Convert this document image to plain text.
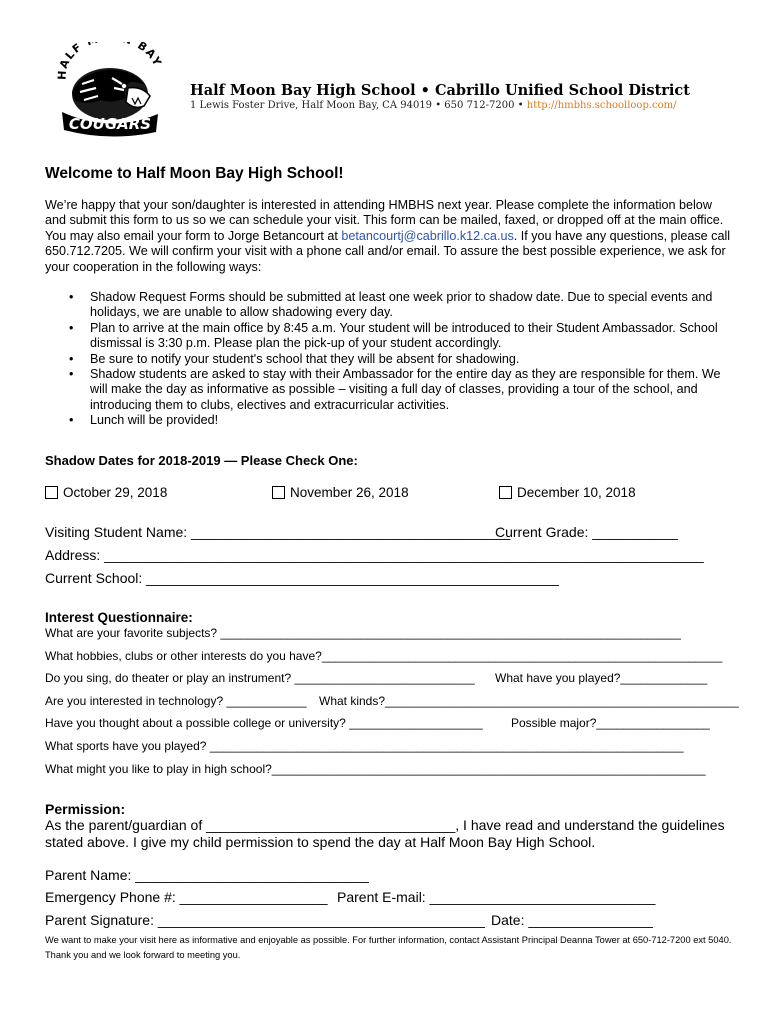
HALF BAY
COUGARS
Half Moon Bay High School • Cabrillo Unified School District
1 Lewis Foster Drive, Half Moon Bay, CA 94019 • 650 712-7200 • http://hmbhs.schoolloop.com/
Welcome to Half Moon Bay High School!
We’re happy that your son/daughter is interested in attending HMBHS next year. Please complete the information below and submit this form to us so we can schedule your visit. This form can be mailed, faxed, or dropped off at the main office. You may also email your form to Jorge Betancourt at betancourtj@cabrillo.k12.ca.us. If you have any questions, please call 650.712.7205. We will confirm your visit with a phone call and/or email. To assure the best possible experience, we ask for your cooperation in the following ways:
• Shadow Request Forms should be submitted at least one week prior to shadow date. Due to special events and holidays, we are unable to allow shadowing every day.
• Plan to arrive at the main office by 8:45 a.m. Your student will be introduced to their Student Ambassador. School dismissal is 3:30 p.m. Please plan the pick-up of your student accordingly.
• Be sure to notify your student's school that they will be absent for shadowing.
• Shadow students are asked to stay with their Ambassador for the entire day as they are responsible for them. We will make the day as informative as possible – visiting a full day of classes, providing a tour of the school, and introducing them to clubs, electives and extracurricular activities.
• Lunch will be provided!
Shadow Dates for 2018-2019 — Please Check One:
October 29, 2018	November 26, 2018	December 10, 2018
Visiting Student Name: _________________________________________
Current Grade: ___________
Address: _____________________________________________________________________________
Current School: _____________________________________________________
Interest Questionnaire:
What are your favorite subjects? _____________________________________________________________________
What hobbies, clubs or other interests do you have?____________________________________________________________
Do you sing, do theater or play an instrument? ___________________________ What have you played?_____________
Are you interested in technology? ____________ What kinds?_____________________________________________________
Have you thought about a possible college or university? ____________________ Possible major?_________________
What sports have you played? _______________________________________________________________________
What might you like to play in high school?_________________________________________________________________
Permission:
As the parent/guardian of ________________________________, I have read and understand the guidelines stated above. I give my child permission to spend the day at Half Moon Bay High School.
Parent Name: ______________________________
Emergency Phone #: ___________________ Parent E-mail: _____________________________
Parent Signature: __________________________________________ Date: ________________
We want to make your visit here as informative and enjoyable as possible. For further information, contact Assistant Principal Deanna Tower at 650-712-7200 ext 5040. Thank you and we look forward to meeting you.
